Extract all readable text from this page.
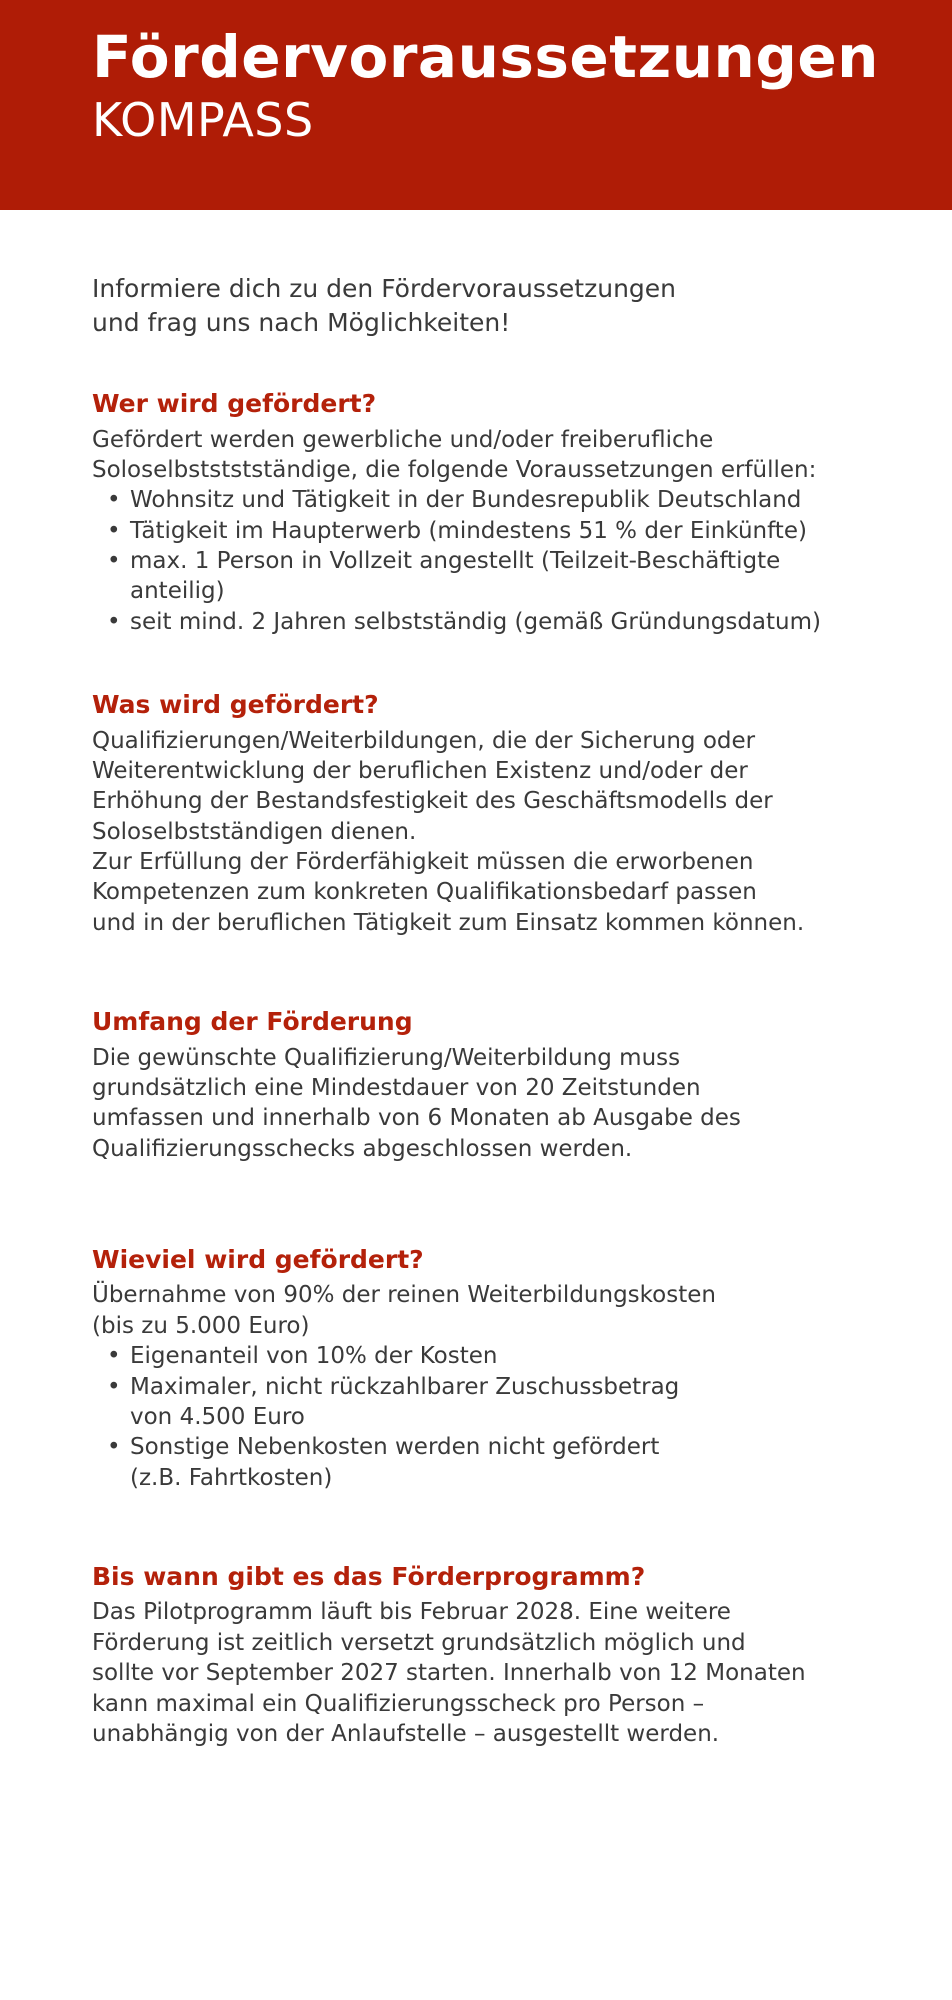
Fördervoraussetzungen
KOMPASS

Informiere dich zu den Fördervoraussetzungen
und frag uns nach Möglichkeiten!

Wer wird gefördert?

Gefördert werden gewerbliche und/oder freiberufliche
Soloselbstststständige, die folgende Voraussetzungen erfüllen:

• Wohnsitz und Tätigkeit in der Bundesrepublik Deutschland
• Tätigkeit im Haupterwerb (mindestens 51 % der Einkünfte)
• max. 1 Person in Vollzeit angestellt (Teilzeit-Beschäftigte
anteilig)
• seit mind. 2 Jahren selbstständig (gemäß Gründungsdatum)
Was wird gefördert?

Qualifizierungen/Weiterbildungen, die der Sicherung oder
Weiterentwicklung der beruflichen Existenz und/oder der
Erhöhung der Bestandsfestigkeit des Geschäftsmodells der
Soloselbstständigen dienen.
Zur Erfüllung der Förderfähigkeit müssen die erworbenen
Kompetenzen zum konkreten Qualifikationsbedarf passen
und in der beruflichen Tätigkeit zum Einsatz kommen können.

Umfang der Förderung

Die gewünschte Qualifizierung/Weiterbildung muss
grundsätzlich eine Mindestdauer von 20 Zeitstunden
umfassen und innerhalb von 6 Monaten ab Ausgabe des
Qualifizierungsschecks abgeschlossen werden.

Wieviel wird gefördert?

Übernahme von 90% der reinen Weiterbildungskosten
(bis zu 5.000 Euro)

• Eigenanteil von 10% der Kosten
• Maximaler, nicht rückzahlbarer Zuschussbetrag
von 4.500 Euro
• Sonstige Nebenkosten werden nicht gefördert
(z.B. Fahrtkosten)
Bis wann gibt es das Förderprogramm?

Das Pilotprogramm läuft bis Februar 2028. Eine weitere
Förderung ist zeitlich versetzt grundsätzlich möglich und
sollte vor September 2027 starten. Innerhalb von 12 Monaten
kann maximal ein Qualifizierungsscheck pro Person –
unabhängig von der Anlaufstelle – ausgestellt werden.
